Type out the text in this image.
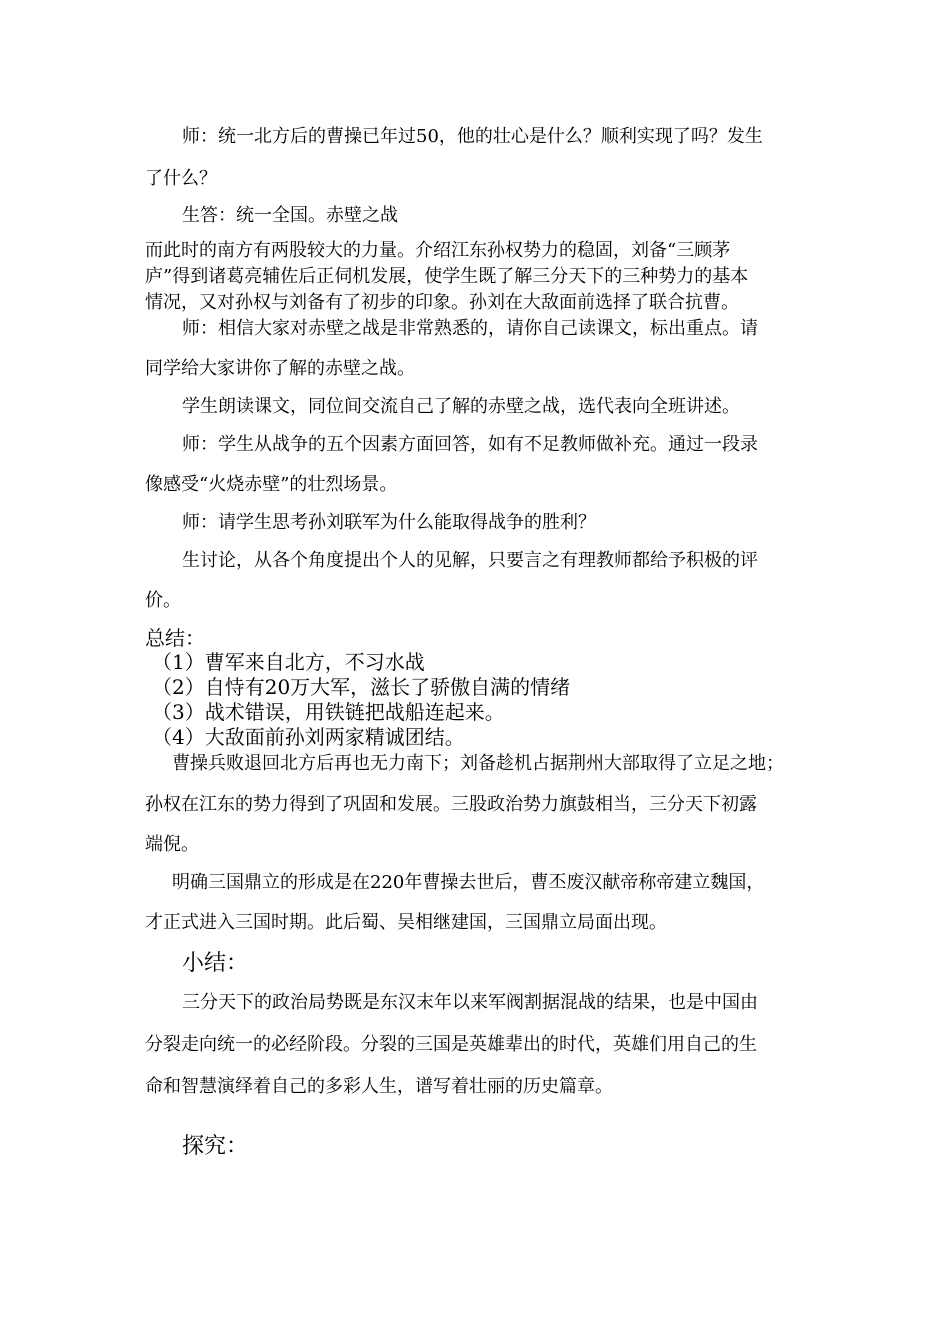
师：统一北方后的曹操已年过50，他的壮心是什么？顺利实现了吗？发生

了什么？

生答：统一全国。赤壁之战

而此时的南方有两股较大的力量。介绍江东孙权势力的稳固，刘备“三顾茅

庐”得到诸葛亮辅佐后正伺机发展，使学生既了解三分天下的三种势力的基本

情况，又对孙权与刘备有了初步的印象。孙刘在大敌面前选择了联合抗曹。

师：相信大家对赤壁之战是非常熟悉的，请你自己读课文，标出重点。请

同学给大家讲你了解的赤壁之战。

学生朗读课文，同位间交流自己了解的赤壁之战，选代表向全班讲述。

师：学生从战争的五个因素方面回答，如有不足教师做补充。通过一段录

像感受“火烧赤壁”的壮烈场景。

师：请学生思考孙刘联军为什么能取得战争的胜利？

生讨论，从各个角度提出个人的见解，只要言之有理教师都给予积极的评

价。

总结：

（1）曹军来自北方，不习水战

（2）自恃有20万大军，滋长了骄傲自满的情绪

（3）战术错误，用铁链把战船连起来。

（4）大敌面前孙刘两家精诚团结。

曹操兵败退回北方后再也无力南下；刘备趁机占据荆州大部取得了立足之地；

孙权在江东的势力得到了巩固和发展。三股政治势力旗鼓相当，三分天下初露

端倪。

明确三国鼎立的形成是在220年曹操去世后，曹丕废汉献帝称帝建立魏国，

才正式进入三国时期。此后蜀、吴相继建国，三国鼎立局面出现。

小结：

三分天下的政治局势既是东汉末年以来军阀割据混战的结果，也是中国由

分裂走向统一的必经阶段。分裂的三国是英雄辈出的时代，英雄们用自己的生

命和智慧演绎着自己的多彩人生，谱写着壮丽的历史篇章。

探究：
